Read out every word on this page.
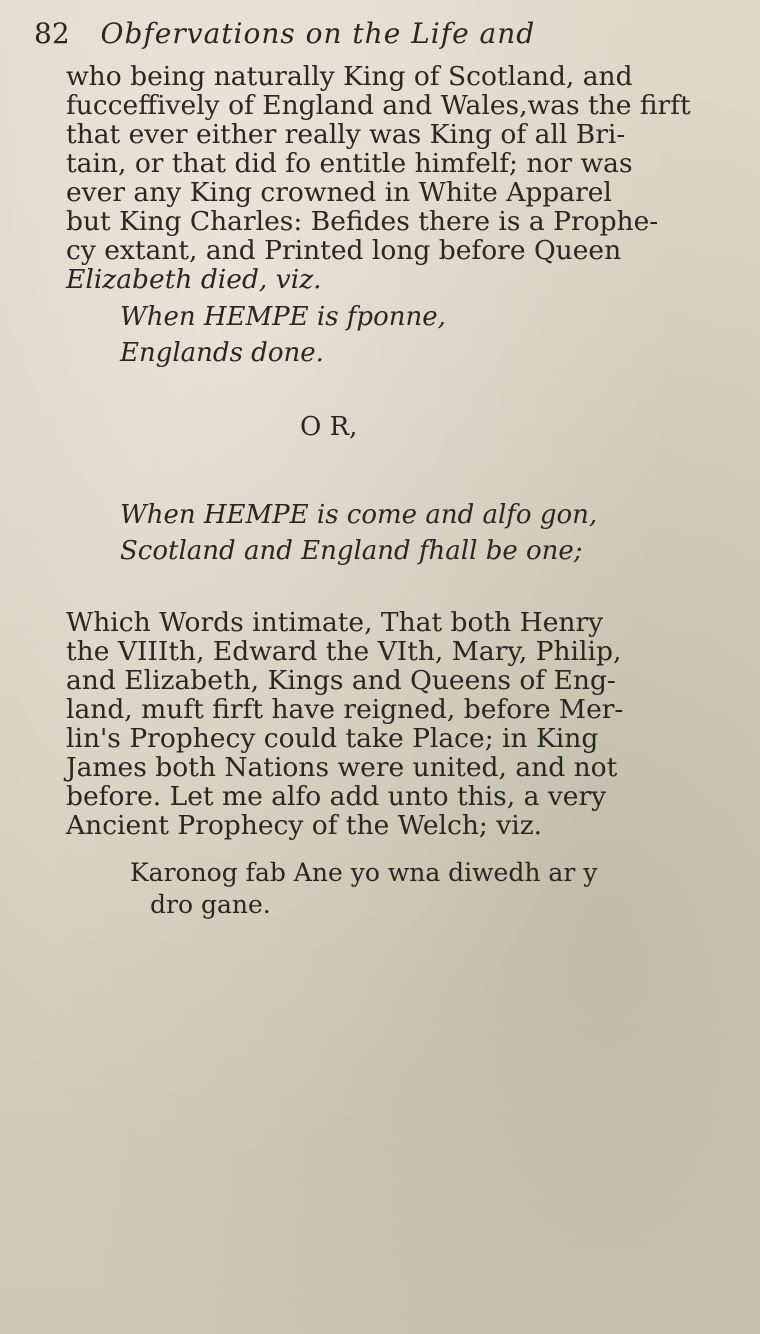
82 Obfervations on the Life and
who being naturally King of Scotland, and
fucceffively of England and Wales,was the firft
that ever either really was King of all Bri-
tain, or that did fo entitle himfelf; nor was
ever any King crowned in White Apparel
but King Charles: Befides there is a Prophe-
cy extant, and Printed long before Queen
Elizabeth died, viz.
When HEMPE is fponne,
Englands done.
O R,
When HEMPE is come and alfo gon,
Scotland and England fhall be one;
Which Words intimate, That both Henry
the VIIIth, Edward the VIth, Mary, Philip,
and Elizabeth, Kings and Queens of Eng-
land, muft firft have reigned, before Mer-
lin's Prophecy could take Place; in King
James both Nations were united, and not
before. Let me alfo add unto this, a very
Ancient Prophecy of the Welch; viz.
Karonog fab Ane yo wna diwedh ar y
dro gane.
